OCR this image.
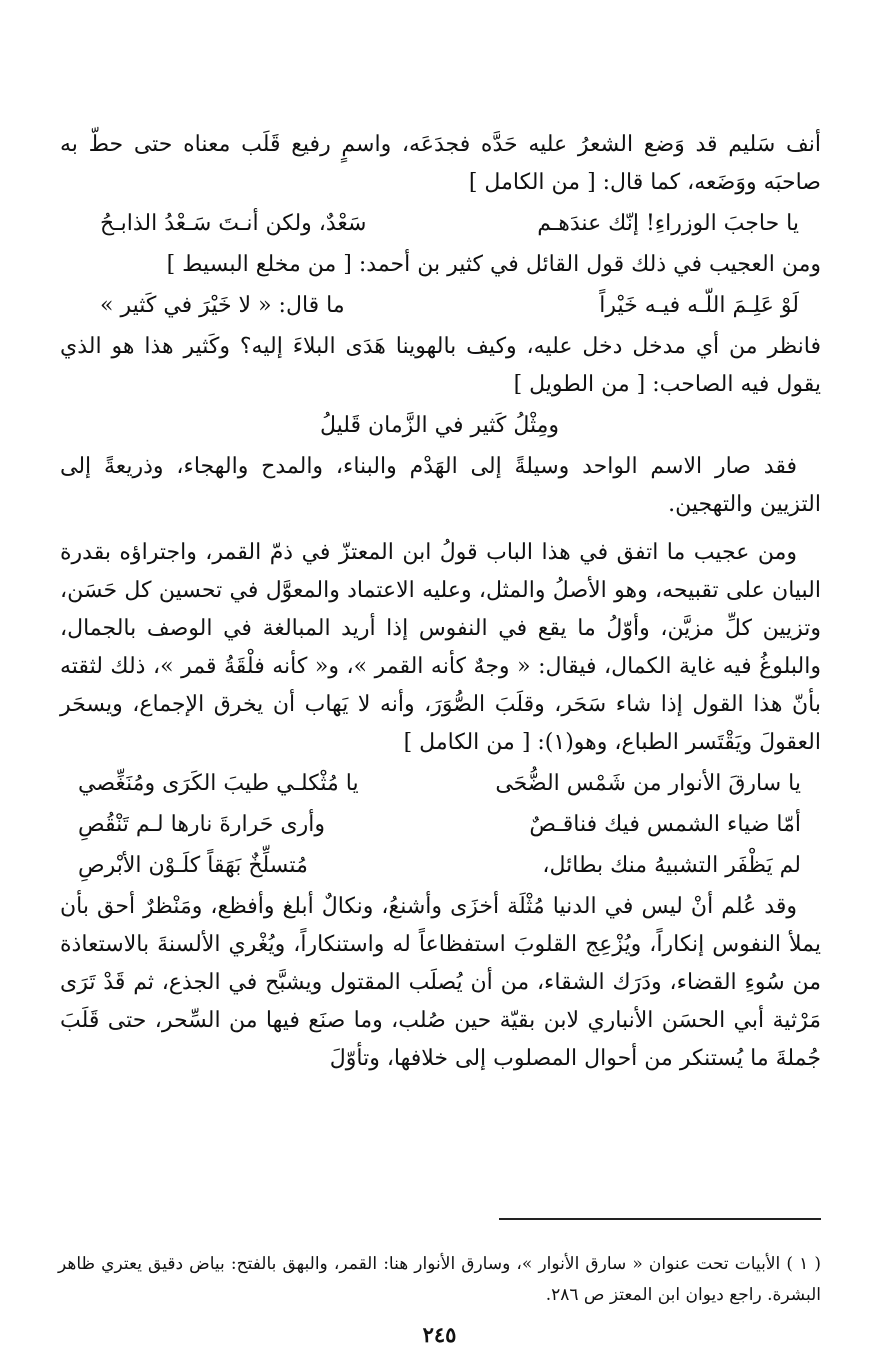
أنف سَليم قد وَضع الشعرُ عليه حَدَّه فجدَعَه، واسمٍ رفيع قَلَب معناه حتى حطّ به صاحبَه ووَضَعه، كما قال: [ من الكامل ]

يا حاجبَ الوزراءِ! إنّك عندَهـم
سَعْدٌ، ولكن أنـتَ سَـعْدُ الذابـحُ

ومن العجيب في ذلك قول القائل في كثير بن أحمد: [ من مخلع البسيط ]

لَوْ عَلِـمَ اللّـه فيـه خَيْراً
ما قال: « لا خَيْرَ في كَثير »

فانظر من أي مدخل دخل عليه، وكيف بالهوينا هَدَى البلاءَ إليه؟ وكَثير هذا هو الذي يقول فيه الصاحب: [ من الطويل ]

ومِثْلُ كَثير في الزَّمان قَليلُ

فقد صار الاسم الواحد وسيلةً إلى الهَدْم والبناء، والمدح والهجاء، وذريعةً إلى التزيين والتهجين.

ومن عجيب ما اتفق في هذا الباب قولُ ابن المعتزّ في ذمّ القمر، واجتراؤه بقدرة البيان على تقبيحه، وهو الأصلُ والمثل، وعليه الاعتماد والمعوَّل في تحسين كل حَسَن، وتزيين كلِّ مزيَّن، وأوّلُ ما يقع في النفوس إذا أريد المبالغة في الوصف بالجمال، والبلوغُ فيه غاية الكمال، فيقال: « وجهٌ كأنه القمر »، و« كأنه فلْقَةُ قمر »، ذلك لثقته بأنّ هذا القول إذا شاء سَحَر، وقلَبَ الصُّوَرَ، وأنه لا يَهاب أن يخرق الإجماع، ويسحَر العقولَ ويَقْتَسر الطباع، وهو(١): [ من الكامل ]

يا سارقَ الأنوار من شَمْس الضُّحَى
يا مُثْكلـي طيبَ الكَرَى ومُنَغِّصي
أمّا ضياء الشمس فيك فناقـصٌ
وأرى حَرارةَ نارها لـم تَنْقُصِ
لم يَظْفَر التشبيهُ منك بطائل،
مُتسلِّخٌ بَهَقاً كلَـوْن الأبْرصِ

وقد عُلم أنْ ليس في الدنيا مُثْلَة أخزَى وأشنعُ، ونكالٌ أبلغ وأفظع، ومَنْظرٌ أحق بأن يملأ النفوس إنكاراً، ويُزْعِج القلوبَ استفظاعاً له واستنكاراً، ويُغْري الألسنةَ بالاستعاذة من سُوءِ القضاء، ودَرَك الشقاء، من أن يُصلَب المقتول ويشبَّح في الجذع، ثم قَدْ تَرَى مَرْثية أبي الحسَن الأنباري لابن بقيّة حين صُلب، وما صنَع فيها من السِّحر، حتى قَلَبَ جُملةَ ما يُستنكر من أحوال المصلوب إلى خلافها، وتأوّلَ

( ١ ) الأبيات تحت عنوان « سارق الأنوار »، وسارق الأنوار هنا: القمر، والبهق بالفتح: بياض دقيق يعتري ظاهر البشرة. راجع ديوان ابن المعتز ص ٢٨٦.

٢٤٥
